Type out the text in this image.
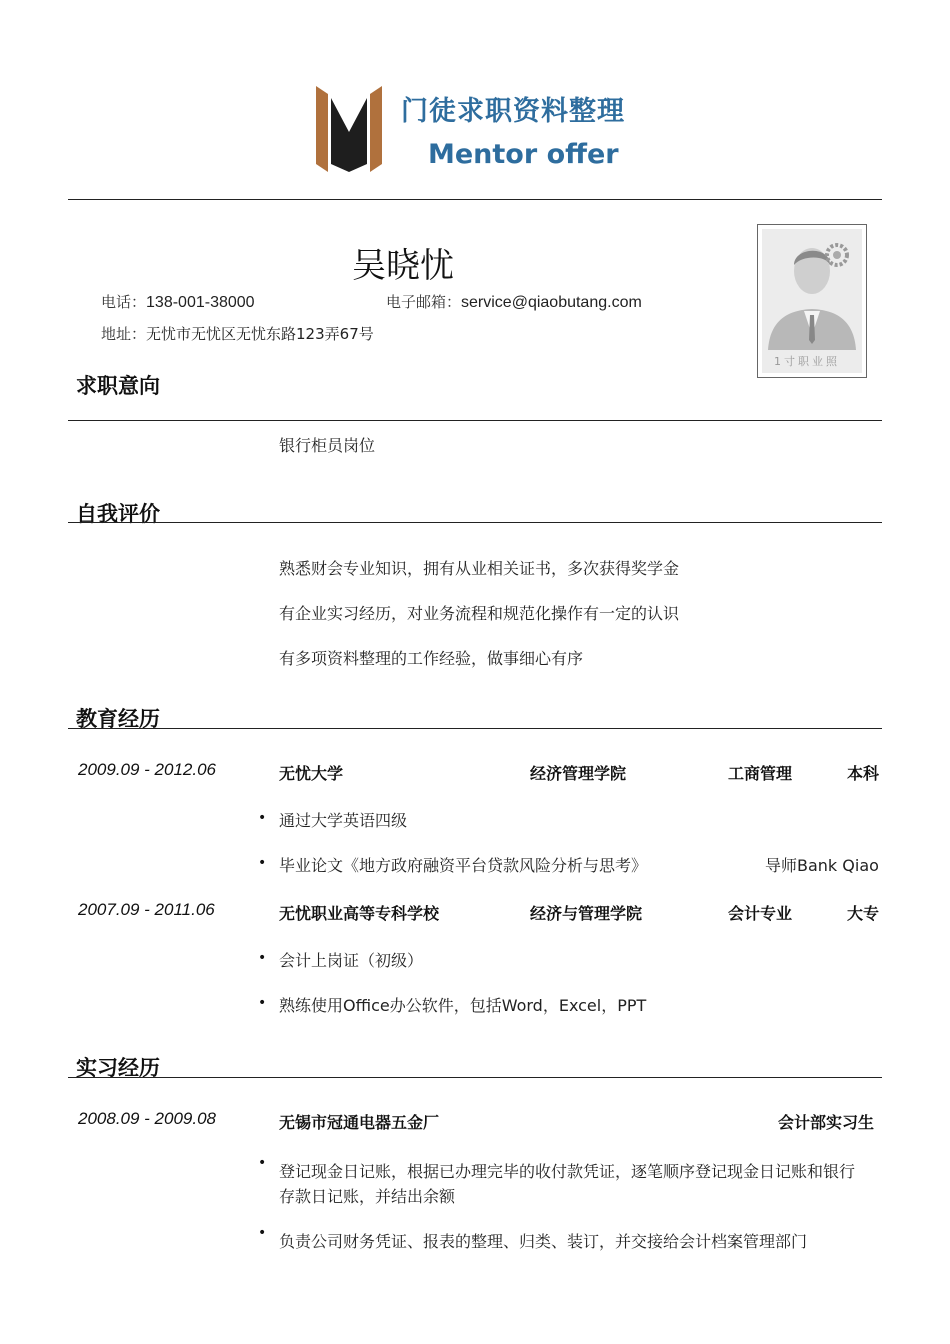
门徒求职资料整理
Mentor offer
吴晓忧
电话：138-001-38000	电子邮箱：service@qiaobutang.com
地址：无忧市无忧区无忧东路123弄67号
1寸职业照
求职意向
银行柜员岗位
自我评价
熟悉财会专业知识，拥有从业相关证书，多次获得奖学金
有企业实习经历，对业务流程和规范化操作有一定的认识
有多项资料整理的工作经验，做事细心有序
教育经历
2009.09 - 2012.06	无忧大学	经济管理学院	工商管理	本科
• 通过大学英语四级
• 毕业论文《地方政府融资平台贷款风险分析与思考》	导师Bank Qiao
2007.09 - 2011.06	无忧职业高等专科学校	经济与管理学院	会计专业	大专
• 会计上岗证（初级）
• 熟练使用Office办公软件，包括Word，Excel，PPT
实习经历
2008.09 - 2009.08	无锡市冠通电器五金厂	会计部实习生
• 登记现金日记账，根据已办理完毕的收付款凭证，逐笔顺序登记现金日记账和银行
存款日记账，并结出余额
• 负责公司财务凭证、报表的整理、归类、装订，并交接给会计档案管理部门
